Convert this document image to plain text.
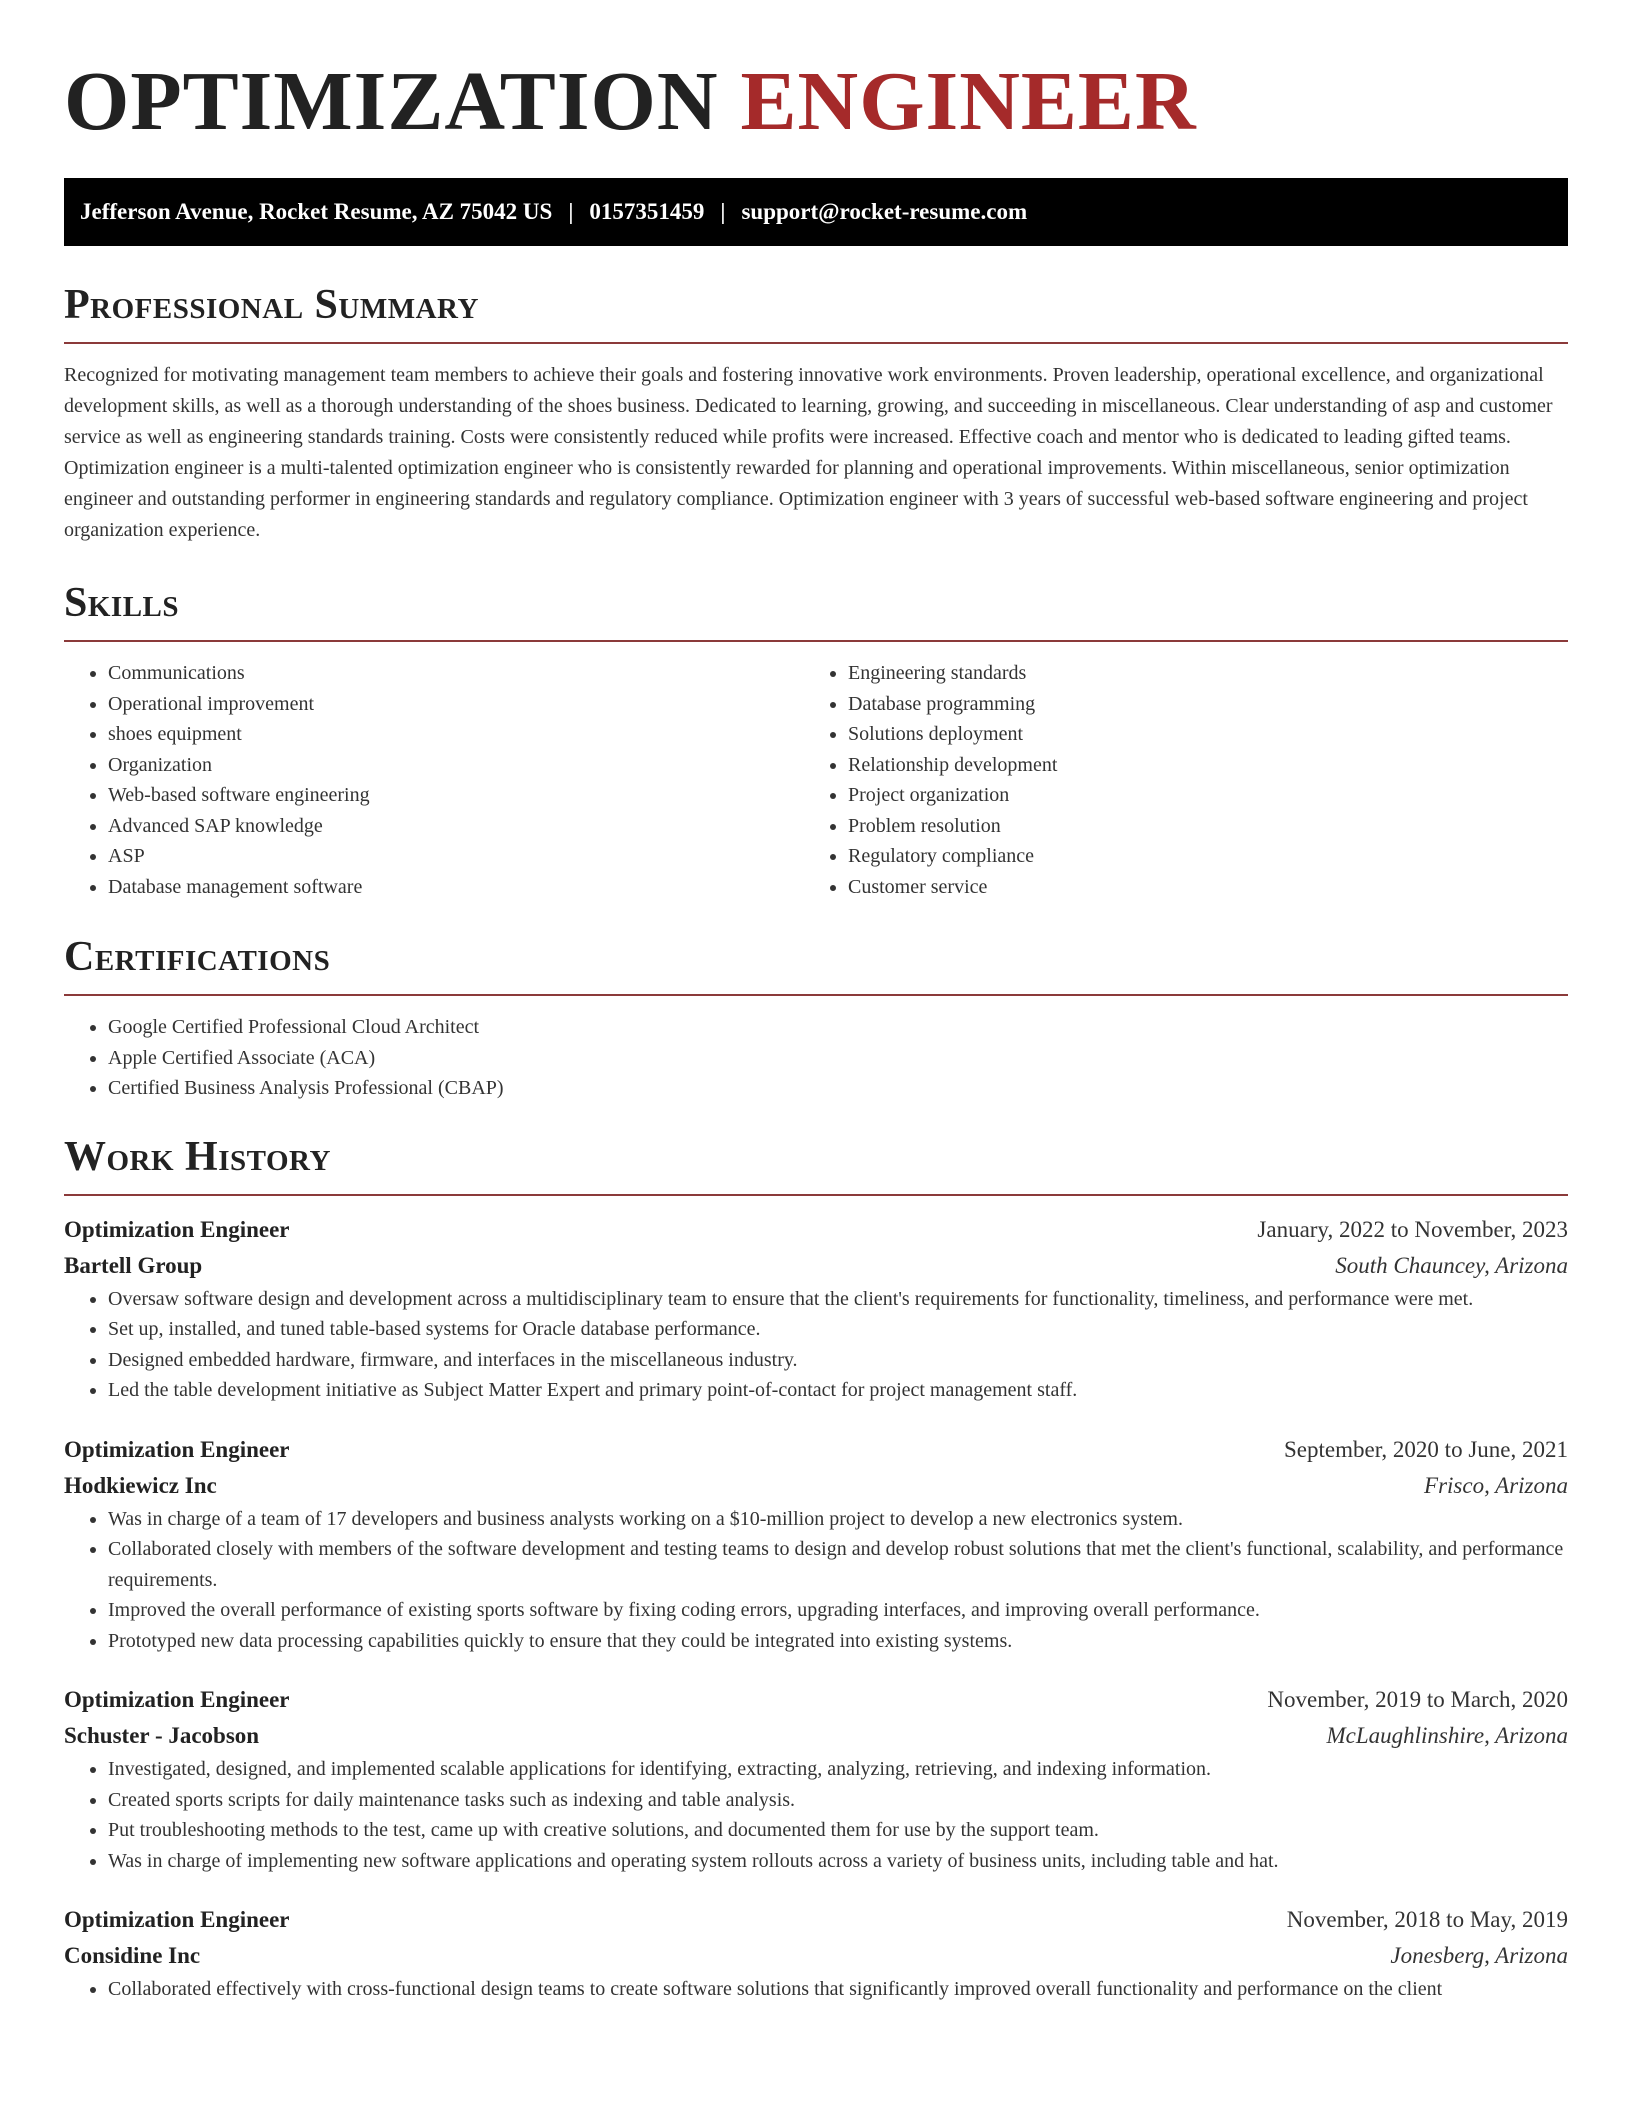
OPTIMIZATION ENGINEER
Jefferson Avenue, Rocket Resume, AZ 75042 US | 0157351459 | support@rocket-resume.com
Professional Summary

Recognized for motivating management team members to achieve their goals and fostering innovative work environments. Proven leadership, operational excellence, and organizational development skills, as well as a thorough understanding of the shoes business. Dedicated to learning, growing, and succeeding in miscellaneous. Clear understanding of asp and customer service as well as engineering standards training. Costs were consistently reduced while profits were increased. Effective coach and mentor who is dedicated to leading gifted teams. Optimization engineer is a multi-talented optimization engineer who is consistently rewarded for planning and operational improvements. Within miscellaneous, senior optimization engineer and outstanding performer in engineering standards and regulatory compliance. Optimization engineer with 3 years of successful web-based software engineering and project organization experience.

Skills
• Communications
• Operational improvement
• shoes equipment
• Organization
• Web-based software engineering
• Advanced SAP knowledge
• ASP
• Database management software
• Engineering standards
• Database programming
• Solutions deployment
• Relationship development
• Project organization
• Problem resolution
• Regulatory compliance
• Customer service
Certifications
• Google Certified Professional Cloud Architect
• Apple Certified Associate (ACA)
• Certified Business Analysis Professional (CBAP)
Work History
Optimization Engineer	January, 2022 to November, 2023
Bartell Group	South Chauncey, Arizona
• Oversaw software design and development across a multidisciplinary team to ensure that the client's requirements for functionality, timeliness, and performance were met.
• Set up, installed, and tuned table-based systems for Oracle database performance.
• Designed embedded hardware, firmware, and interfaces in the miscellaneous industry.
• Led the table development initiative as Subject Matter Expert and primary point-of-contact for project management staff.
Optimization Engineer	September, 2020 to June, 2021
Hodkiewicz Inc	Frisco, Arizona
• Was in charge of a team of 17 developers and business analysts working on a $10-million project to develop a new electronics system.
• Collaborated closely with members of the software development and testing teams to design and develop robust solutions that met the client's functional, scalability, and performance requirements.
• Improved the overall performance of existing sports software by fixing coding errors, upgrading interfaces, and improving overall performance.
• Prototyped new data processing capabilities quickly to ensure that they could be integrated into existing systems.
Optimization Engineer	November, 2019 to March, 2020
Schuster - Jacobson	McLaughlinshire, Arizona
• Investigated, designed, and implemented scalable applications for identifying, extracting, analyzing, retrieving, and indexing information.
• Created sports scripts for daily maintenance tasks such as indexing and table analysis.
• Put troubleshooting methods to the test, came up with creative solutions, and documented them for use by the support team.
• Was in charge of implementing new software applications and operating system rollouts across a variety of business units, including table and hat.
Optimization Engineer	November, 2018 to May, 2019
Considine Inc	Jonesberg, Arizona
• Collaborated effectively with cross-functional design teams to create software solutions that significantly improved overall functionality and performance on the client
